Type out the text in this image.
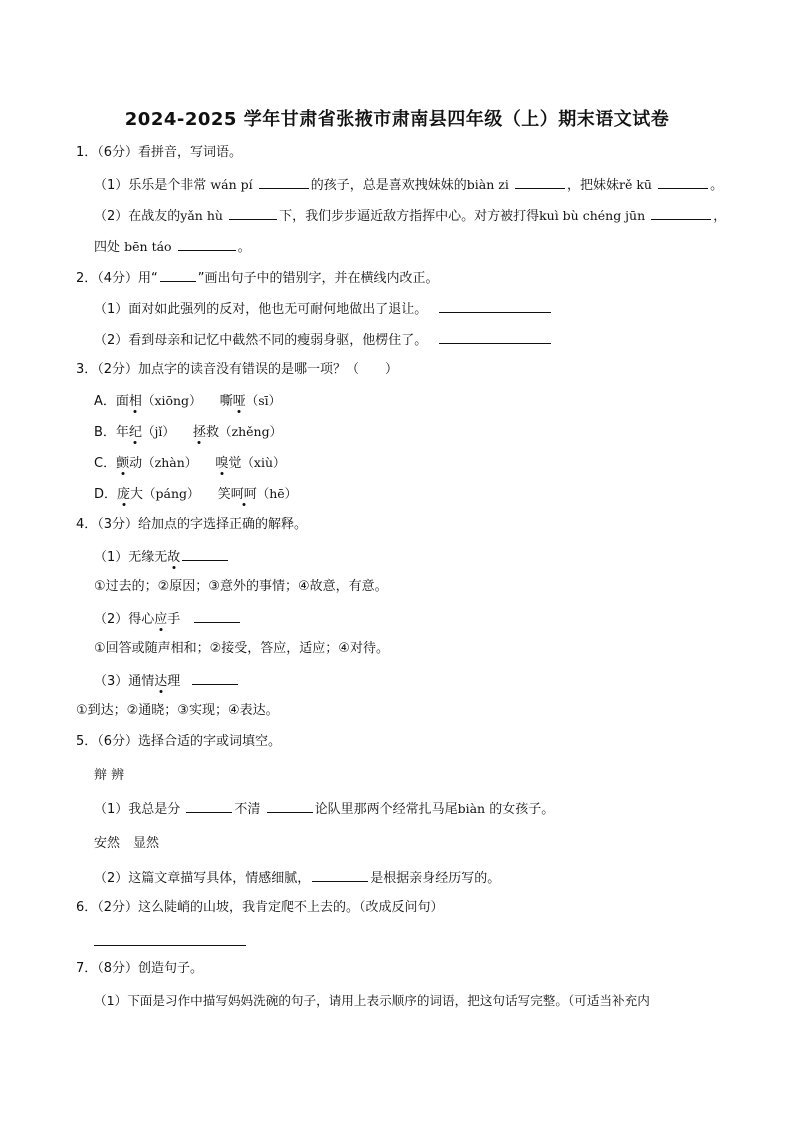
2024-2025 学年甘肃省张掖市肃南县四年级（上）期末语文试卷
1．（6分）看拼音，写词语。
（1）乐乐是个非常 wán pí	的孩子，总是喜欢拽妹妹的biàn zi	，把妹妹rě kū	。
（2）在战友的yǎn hù	下，我们步步逼近敌方指挥中心。对方被打得kuì bù chéng jūn	，
四处 bēn táo	。
2．（4分）用“	”画出句子中的错别字，并在横线内改正。
（1）面对如此强列的反对，他也无可耐何地做出了退让。
（2）看到母亲和记忆中截然不同的瘦弱身驱，他楞住了。
3．（2分）加点字的读音没有错误的是哪一项？（　　）
A．面相（xiōng） 嘶哑（sī）
B．年纪（jǐ） 拯救（zhěng）
C．颤动（zhàn） 嗅觉（xiù）
D．庞大（páng） 笑呵呵（hē）
4．（3分）给加点的字选择正确的解释。
（1）无缘无故
①过去的；②原因；③意外的事情；④故意，有意。
（2）得心应手
①回答或随声相和；②接受，答应，适应；④对待。
（3）通情达理
①到达；②通晓；③实现；④表达。
5．（6分）选择合适的字或词填空。
辩 辨
（1）我总是分	不清	论队里那两个经常扎马尾biàn 的女孩子。
安然　显然
（2）这篇文章描写具体，情感细腻，	是根据亲身经历写的。
6．（2分）这么陡峭的山坡，我肯定爬不上去的。（改成反问句）
7．（8分）创造句子。
（1）下面是习作中描写妈妈洗碗的句子，请用上表示顺序的词语，把这句话写完整。（可适当补充内
